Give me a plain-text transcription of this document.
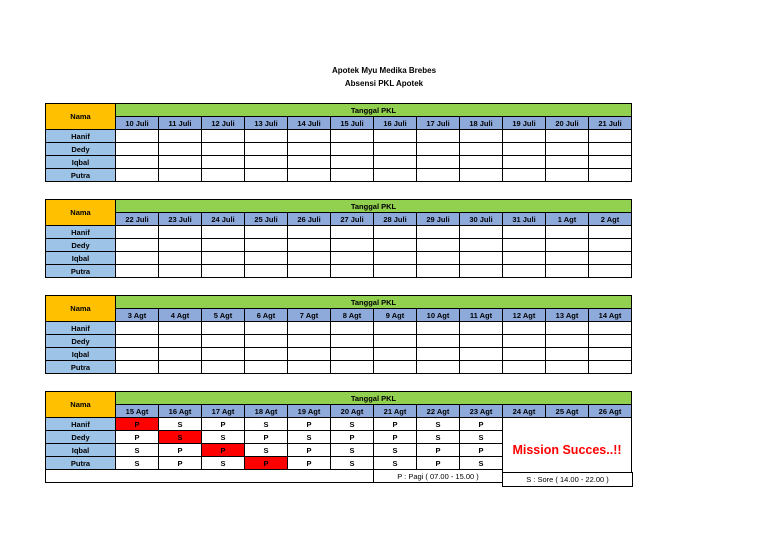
Apotek Myu Medika Brebes
Absensi PKL Apotek
Nama	Tanggal PKL											
	10 Juli	11 Juli	12 Juli	13 Juli	14 Juli	15 Juli	16 Juli	17 Juli	18 Juli	19 Juli	20 Juli	21 Juli
Hanif												
Dedy												
Iqbal												
Putra												
Nama	Tanggal PKL											
	22 Juli	23 Juli	24 Juli	25 Juli	26 Juli	27 Juli	28 Juli	29 Juli	30 Juli	31 Juli	1 Agt	2 Agt
Hanif												
Dedy												
Iqbal												
Putra												
Nama	Tanggal PKL											
	3 Agt	4 Agt	5 Agt	6 Agt	7 Agt	8 Agt	9 Agt	10 Agt	11 Agt	12 Agt	13 Agt	14 Agt
Hanif												
Dedy												
Iqbal												
Putra												
Nama	Tanggal PKL											
	15 Agt	16 Agt	17 Agt	18 Agt	19 Agt	20 Agt	21 Agt	22 Agt	23 Agt	24 Agt	25 Agt	26 Agt
Hanif	P	S	P	S	P	S	P	S	P	Mission Succes..!!		
Dedy	P	S	S	P	S	P	P	S	S			
Iqbal	S	P	P	S	P	S	S	P	P			
Putra	S	P	S	P	P	S	S	P	S			
							P : Pagi ( 07.00 - 15.00 )						S : Sore ( 14.00 - 22.00 )
